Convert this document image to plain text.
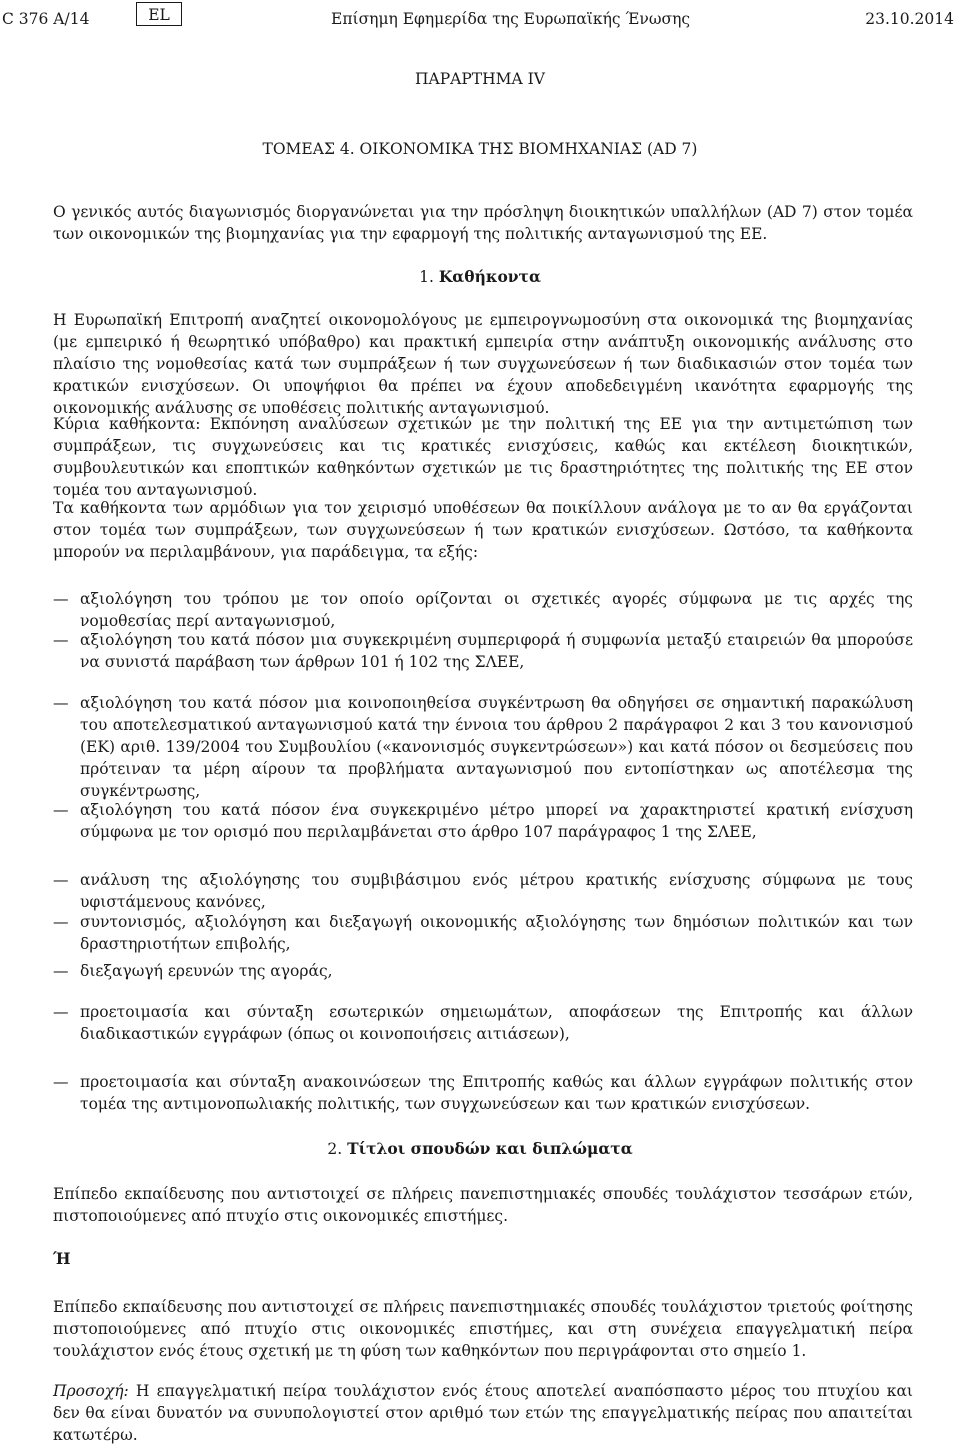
C 376 Α/14	EL	Επίσημη Εφημερίδα της Ευρωπαϊκής Ένωσης	23.10.2014
ΠΑΡΑΡΤΗΜΑ IV
ΤΟΜΕΑΣ 4. ΟΙΚΟΝΟΜΙΚΑ ΤΗΣ ΒΙΟΜΗΧΑΝΙΑΣ (AD 7)
Ο γενικός αυτός διαγωνισμός διοργανώνεται για την πρόσληψη διοικητικών υπαλλήλων (AD 7) στον τομέα των οικονομικών της βιομηχανίας για την εφαρμογή της πολιτικής ανταγωνισμού της ΕΕ.
1. Καθήκοντα
Η Ευρωπαϊκή Επιτροπή αναζητεί οικονομολόγους με εμπειρογνωμοσύνη στα οικονομικά της βιομηχανίας (με εμπειρικό ή θεωρητικό υπόβαθρο) και πρακτική εμπειρία στην ανάπτυξη οικονομικής ανάλυσης στο πλαίσιο της νομοθεσίας κατά των συμπράξεων ή των συγχωνεύσεων ή των διαδικασιών στον τομέα των κρατικών ενισχύσεων. Οι υποψήφιοι θα πρέπει να έχουν αποδεδειγμένη ικανότητα εφαρμογής της οικονομικής ανάλυσης σε υποθέσεις πολιτικής ανταγωνισμού.
Κύρια καθήκοντα: Εκπόνηση αναλύσεων σχετικών με την πολιτική της ΕΕ για την αντιμετώπιση των συμπράξεων, τις συγχωνεύσεις και τις κρατικές ενισχύσεις, καθώς και εκτέλεση διοικητικών, συμβουλευτικών και εποπτικών καθηκόντων σχετικών με τις δραστηριότητες της πολιτικής της ΕΕ στον τομέα του ανταγωνισμού.
Τα καθήκοντα των αρμόδιων για τον χειρισμό υποθέσεων θα ποικίλλουν ανάλογα με το αν θα εργάζονται στον τομέα των συμπράξεων, των συγχωνεύσεων ή των κρατικών ενισχύσεων. Ωστόσο, τα καθήκοντα μπορούν να περιλαμβάνουν, για παράδειγμα, τα εξής:
— αξιολόγηση του τρόπου με τον οποίο ορίζονται οι σχετικές αγορές σύμφωνα με τις αρχές της νομοθεσίας περί ανταγωνισμού,
— αξιολόγηση του κατά πόσον μια συγκεκριμένη συμπεριφορά ή συμφωνία μεταξύ εταιρειών θα μπορούσε να συνιστά παράβαση των άρθρων 101 ή 102 της ΣΛΕΕ,
— αξιολόγηση του κατά πόσον μια κοινοποιηθείσα συγκέντρωση θα οδηγήσει σε σημαντική παρακώλυση του αποτελεσματικού ανταγωνισμού κατά την έννοια του άρθρου 2 παράγραφοι 2 και 3 του κανονισμού (ΕΚ) αριθ. 139/2004 του Συμβουλίου («κανονισμός συγκεντρώσεων») και κατά πόσον οι δεσμεύσεις που πρότειναν τα μέρη αίρουν τα προβλήματα ανταγωνισμού που εντοπίστηκαν ως αποτέλεσμα της συγκέντρωσης,
— αξιολόγηση του κατά πόσον ένα συγκεκριμένο μέτρο μπορεί να χαρακτηριστεί κρατική ενίσχυση σύμφωνα με τον ορισμό που περιλαμβάνεται στο άρθρο 107 παράγραφος 1 της ΣΛΕΕ,
— ανάλυση της αξιολόγησης του συμβιβάσιμου ενός μέτρου κρατικής ενίσχυσης σύμφωνα με τους υφιστάμενους κανόνες,
— συντονισμός, αξιολόγηση και διεξαγωγή οικονομικής αξιολόγησης των δημόσιων πολιτικών και των δραστηριοτήτων επιβολής,
— διεξαγωγή ερευνών της αγοράς,
— προετοιμασία και σύνταξη εσωτερικών σημειωμάτων, αποφάσεων της Επιτροπής και άλλων διαδικαστικών εγγράφων (όπως οι κοινοποιήσεις αιτιάσεων),
— προετοιμασία και σύνταξη ανακοινώσεων της Επιτροπής καθώς και άλλων εγγράφων πολιτικής στον τομέα της αντιμονοπωλιακής πολιτικής, των συγχωνεύσεων και των κρατικών ενισχύσεων.
2. Τίτλοι σπουδών και διπλώματα
Επίπεδο εκπαίδευσης που αντιστοιχεί σε πλήρεις πανεπιστημιακές σπουδές τουλάχιστον τεσσάρων ετών, πιστοποιούμενες από πτυχίο στις οικονομικές επιστήμες.
Ή
Επίπεδο εκπαίδευσης που αντιστοιχεί σε πλήρεις πανεπιστημιακές σπουδές τουλάχιστον τριετούς φοίτησης πιστοποιούμενες από πτυχίο στις οικονομικές επιστήμες, και στη συνέχεια επαγγελματική πείρα τουλάχιστον ενός έτους σχετική με τη φύση των καθηκόντων που περιγράφονται στο σημείο 1.
Προσοχή: Η επαγγελματική πείρα τουλάχιστον ενός έτους αποτελεί αναπόσπαστο μέρος του πτυχίου και δεν θα είναι δυνατόν να συνυπολογιστεί στον αριθμό των ετών της επαγγελματικής πείρας που απαιτείται κατωτέρω.
